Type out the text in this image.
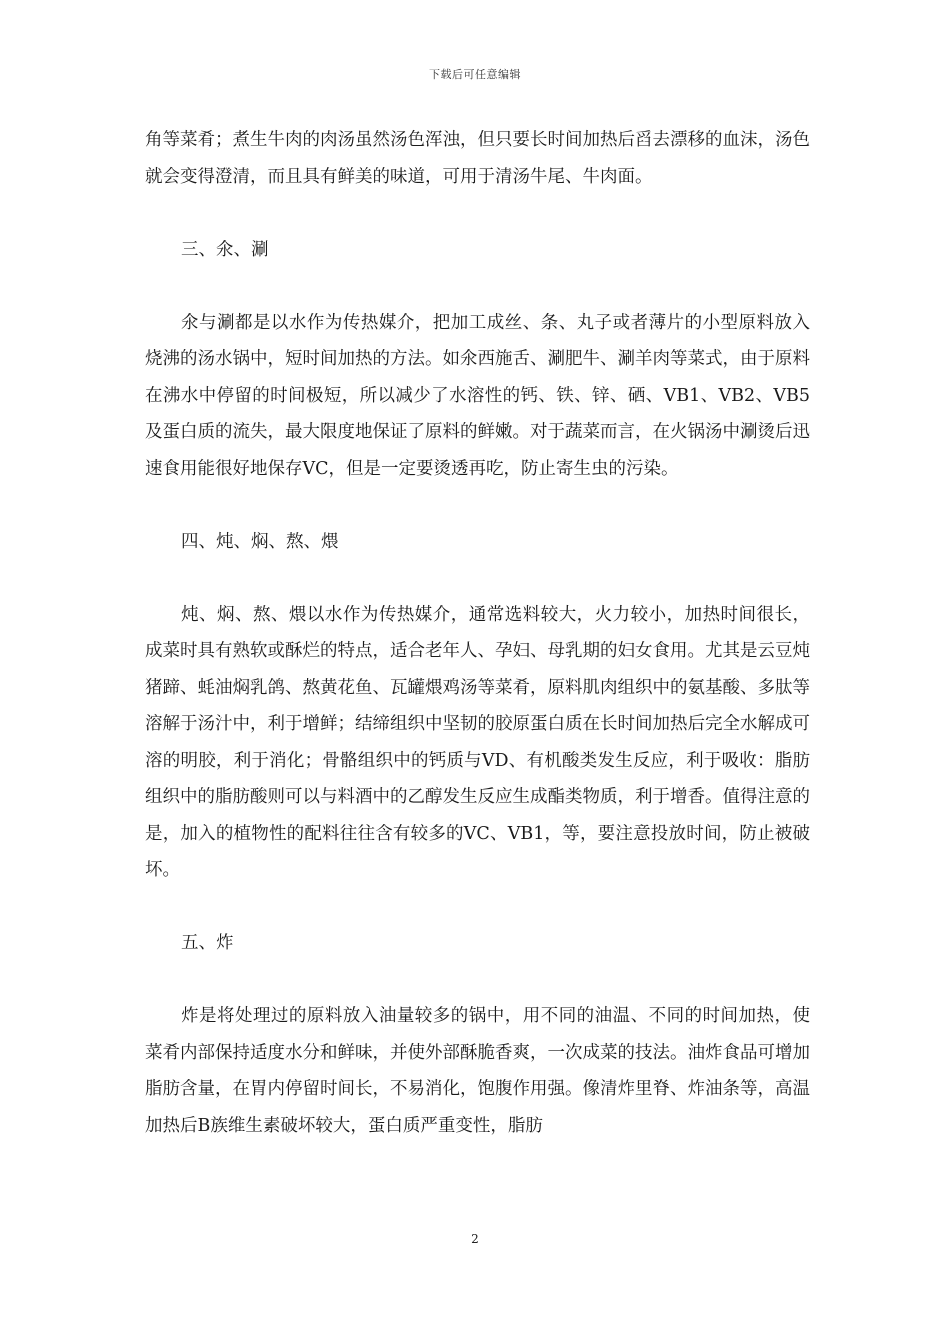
下载后可任意编辑

角等菜肴；煮生牛肉的肉汤虽然汤色浑浊，但只要长时间加热后舀去漂移的血沫，汤色就会变得澄清，而且具有鲜美的味道，可用于清汤牛尾、牛肉面。

三、氽、涮

氽与涮都是以水作为传热媒介，把加工成丝、条、丸子或者薄片的小型原料放入烧沸的汤水锅中，短时间加热的方法。如氽西施舌、涮肥牛、涮羊肉等菜式，由于原料在沸水中停留的时间极短，所以减少了水溶性的钙、铁、锌、硒、VB1、VB2、VB5及蛋白质的流失，最大限度地保证了原料的鲜嫩。对于蔬菜而言，在火锅汤中涮烫后迅速食用能很好地保存VC，但是一定要烫透再吃，防止寄生虫的污染。

四、炖、焖、熬、煨

炖、焖、熬、煨以水作为传热媒介，通常选料较大，火力较小，加热时间很长，成菜时具有熟软或酥烂的特点，适合老年人、孕妇、母乳期的妇女食用。尤其是云豆炖猪蹄、蚝油焖乳鸽、熬黄花鱼、瓦罐煨鸡汤等菜肴，原料肌肉组织中的氨基酸、多肽等溶解于汤汁中，利于增鲜；结缔组织中坚韧的胶原蛋白质在长时间加热后完全水解成可溶的明胶，利于消化；骨骼组织中的钙质与VD、有机酸类发生反应，利于吸收：脂肪组织中的脂肪酸则可以与料酒中的乙醇发生反应生成酯类物质，利于增香。值得注意的是，加入的植物性的配料往往含有较多的VC、VB1，等，要注意投放时间，防止被破坏。

五、炸

炸是将处理过的原料放入油量较多的锅中，用不同的油温、不同的时间加热，使菜肴内部保持适度水分和鲜味，并使外部酥脆香爽，一次成菜的技法。油炸食品可增加脂肪含量，在胃内停留时间长，不易消化，饱腹作用强。像清炸里脊、炸油条等，高温加热后B族维生素破坏较大，蛋白质严重变性，脂肪

2
